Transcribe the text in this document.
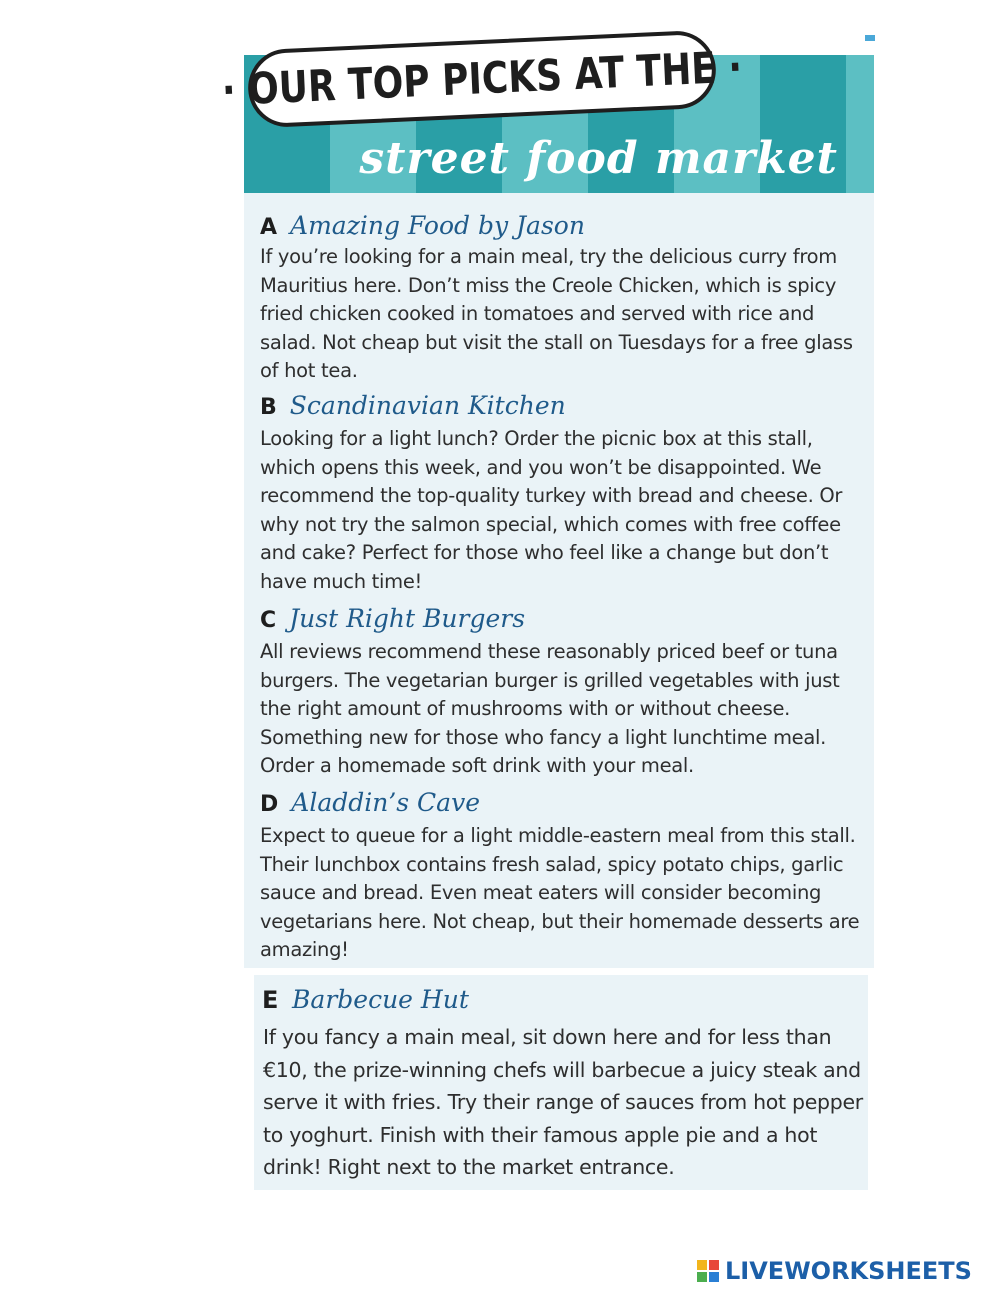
street food market
· OUR TOP PICKS AT THE ·
A Amazing Food by Jason

If you’re looking for a main meal, try the delicious curry from Mauritius here. Don’t miss the Creole Chicken, which is spicy fried chicken cooked in tomatoes and served with rice and salad. Not cheap but visit the stall on Tuesdays for a free glass of hot tea.

B Scandinavian Kitchen

Looking for a light lunch? Order the picnic box at this stall, which opens this week, and you won’t be disappointed. We recommend the top-quality turkey with bread and cheese. Or why not try the salmon special, which comes with free coffee and cake? Perfect for those who feel like a change but don’t have much time!

C Just Right Burgers

All reviews recommend these reasonably priced beef or tuna burgers. The vegetarian burger is grilled vegetables with just the right amount of mushrooms with or without cheese. Something new for those who fancy a light lunchtime meal. Order a homemade soft drink with your meal.

D Aladdin’s Cave

Expect to queue for a light middle-eastern meal from this stall. Their lunchbox contains fresh salad, spicy potato chips, garlic sauce and bread. Even meat eaters will consider becoming vegetarians here. Not cheap, but their homemade desserts are amazing!

E Barbecue Hut

If you fancy a main meal, sit down here and for less than €10, the prize-winning chefs will barbecue a juicy steak and serve it with fries. Try their range of sauces from hot pepper to yoghurt. Finish with their famous apple pie and a hot drink! Right next to the market entrance.

LIVEWORKSHEETS
